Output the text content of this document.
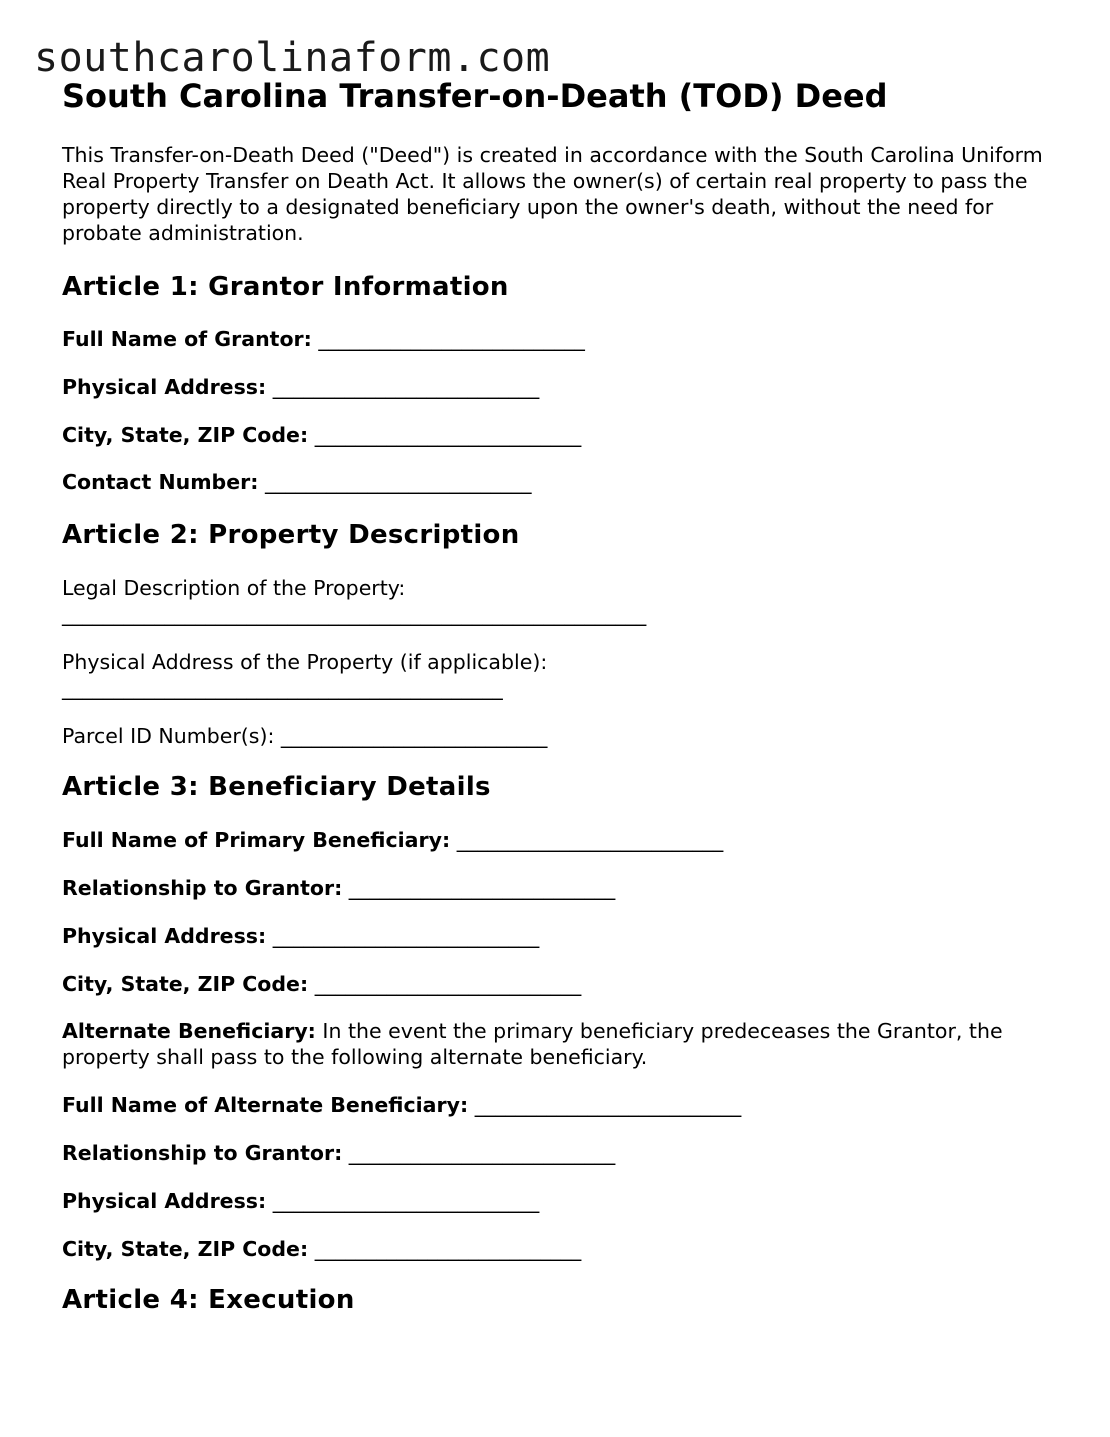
southcarolinaform.com
South Carolina Transfer-on-Death (TOD) Deed

This Transfer-on-Death Deed ("Deed") is created in accordance with the South Carolina Uniform Real Property Transfer on Death Act. It allows the owner(s) of certain real property to pass the property directly to a designated beneficiary upon the owner's death, without the need for probate administration.

Article 1: Grantor Information

Full Name of Grantor: __________________________

Physical Address: __________________________

City, State, ZIP Code: __________________________

Contact Number: __________________________

Article 2: Property Description

Legal Description of the Property:

_________________________________________________________

Physical Address of the Property (if applicable):

___________________________________________

Parcel ID Number(s): __________________________

Article 3: Beneficiary Details

Full Name of Primary Beneficiary: __________________________

Relationship to Grantor: __________________________

Physical Address: __________________________

City, State, ZIP Code: __________________________

Alternate Beneficiary: In the event the primary beneficiary predeceases the Grantor, the property shall pass to the following alternate beneficiary.

Full Name of Alternate Beneficiary: __________________________

Relationship to Grantor: __________________________

Physical Address: __________________________

City, State, ZIP Code: __________________________

Article 4: Execution
